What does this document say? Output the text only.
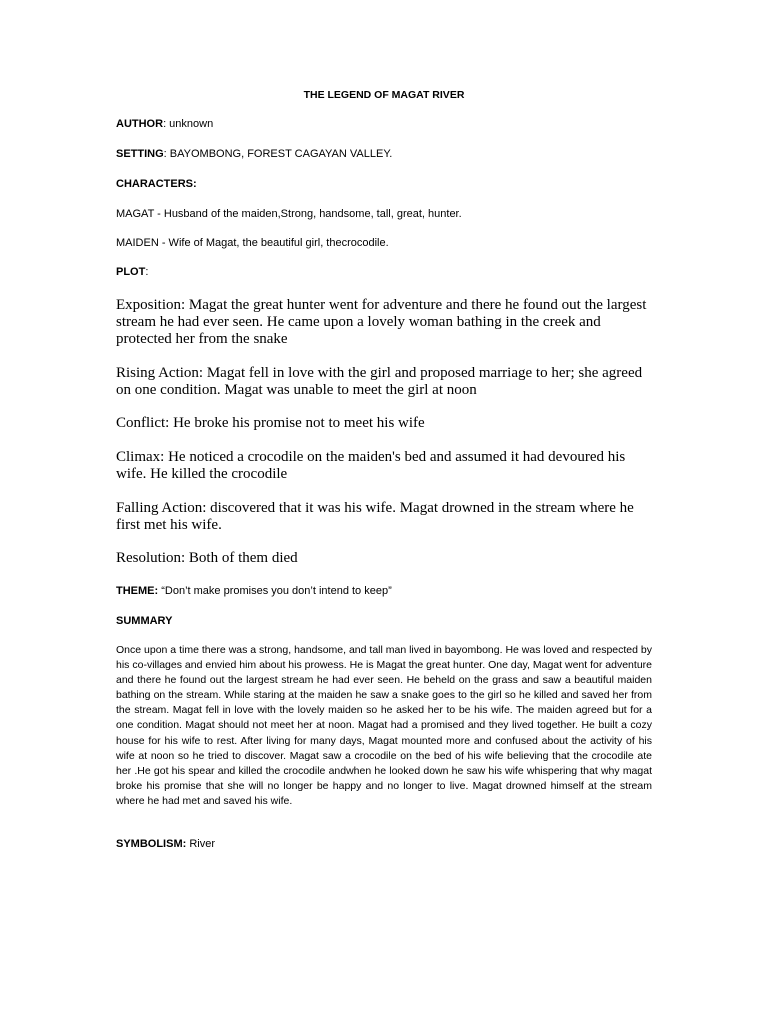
THE LEGEND OF MAGAT RIVER

AUTHOR: unknown

SETTING: BAYOMBONG, FOREST CAGAYAN VALLEY.

CHARACTERS:

MAGAT - Husband of the maiden,Strong, handsome, tall, great, hunter.

MAIDEN - Wife of Magat, the beautiful girl, thecrocodile.

PLOT:

Exposition: Magat the great hunter went for adventure and there he found out the largest stream he had ever seen. He came upon a lovely woman bathing in the creek and protected her from the snake

Rising Action: Magat fell in love with the girl and proposed marriage to her; she agreed on one condition. Magat was unable to meet the girl at noon

Conflict: He broke his promise not to meet his wife

Climax: He noticed a crocodile on the maiden's bed and assumed it had devoured his wife. He killed the crocodile

Falling Action: discovered that it was his wife. Magat drowned in the stream where he first met his wife.

Resolution: Both of them died

THEME: “Don’t make promises you don’t intend to keep”

SUMMARY

Once upon a time there was a strong, handsome, and tall man lived in bayombong. He was loved and respected by his co-villages and envied him about his prowess. He is Magat the great hunter. One day, Magat went for adventure and there he found out the largest stream he had ever seen. He beheld on the grass and saw a beautiful maiden bathing on the stream. While staring at the maiden he saw a snake goes to the girl so he killed and saved her from the stream. Magat fell in love with the lovely maiden so he asked her to be his wife. The maiden agreed but for a one condition. Magat should not meet her at noon. Magat had a promised and they lived together. He built a cozy house for his wife to rest. After living for many days, Magat mounted more and confused about the activity of his wife at noon so he tried to discover. Magat saw a crocodile on the bed of his wife believing that the crocodile ate her .He got his spear and killed the crocodile andwhen he looked down he saw his wife whispering that why magat broke his promise that she will no longer be happy and no longer to live. Magat drowned himself at the stream where he had met and saved his wife.

SYMBOLISM: River
